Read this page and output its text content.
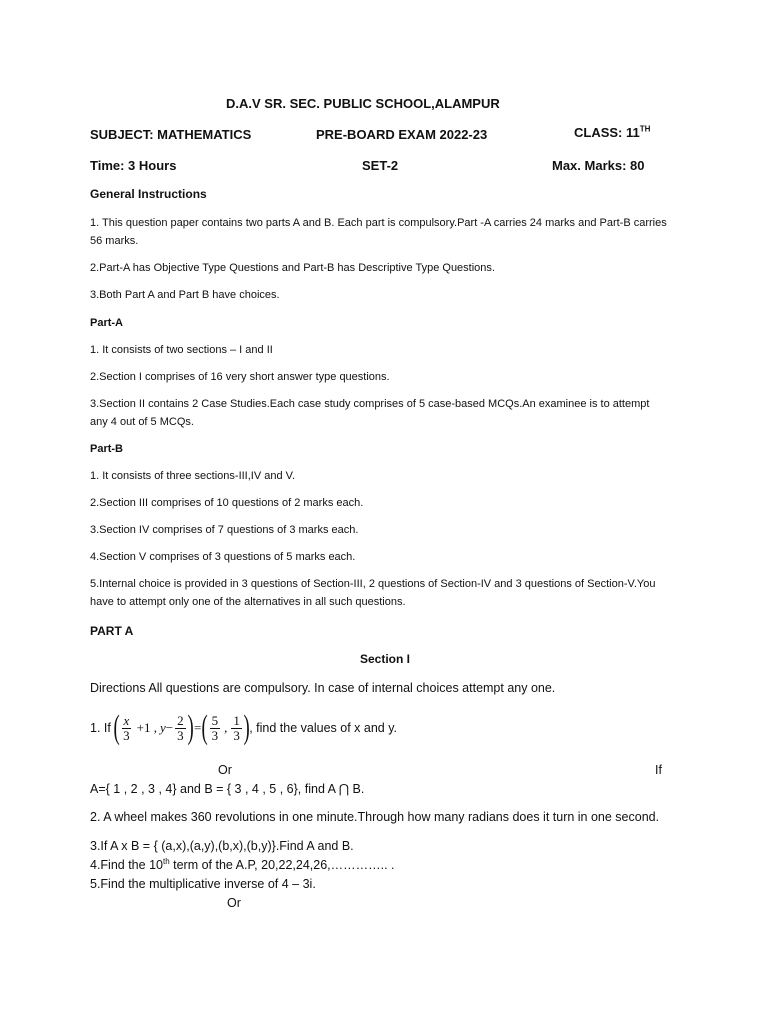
D.A.V SR. SEC. PUBLIC SCHOOL,ALAMPUR
SUBJECT: MATHEMATICS	PRE-BOARD EXAM 2022-23	CLASS: 11TH
Time: 3 Hours	SET-2	Max. Marks: 80
General Instructions
1. This question paper contains two parts A and B. Each part is compulsory.Part -A carries 24 marks and Part-B carries 56 marks.
2.Part-A has Objective Type Questions and Part-B has Descriptive Type Questions.
3.Both Part A and Part B have choices.
Part-A
1. It consists of two sections – I and II
2.Section I comprises of 16 very short answer type questions.
3.Section II contains 2 Case Studies.Each case study comprises of 5 case-based MCQs.An examinee is to attempt any 4 out of 5 MCQs.
Part-B
1. It consists of three sections-III,IV and V.
2.Section III comprises of 10 questions of 2 marks each.
3.Section IV comprises of 7 questions of 3 marks each.
4.Section V comprises of 3 questions of 5 marks each.
5.Internal choice is provided in 3 questions of Section-III, 2 questions of Section-IV and 3 questions of Section-V.You have to attempt only one of the alternatives in all such questions.
PART A
Section I
Directions All questions are compulsory. In case of internal choices attempt any one.
1. If ( $\frac{x}{3} +1$ , $y - \frac{2}{3}$ ) = ( $\frac{5}{3}$ , $\frac{1}{3}$ ) , find the values of x and y.
Or	If
A={ 1 , 2 , 3 , 4} and B = { 3 , 4 , 5 , 6}, find A ⋂ B.
2. A wheel makes 360 revolutions in one minute.Through how many radians does it turn in one second.
3.If A x B = { (a,x),(a,y),(b,x),(b,y)}.Find A and B.
4.Find the 10th term of the A.P, 20,22,24,26,………….. .
5.Find the multiplicative inverse of 4 – 3i.
Or
